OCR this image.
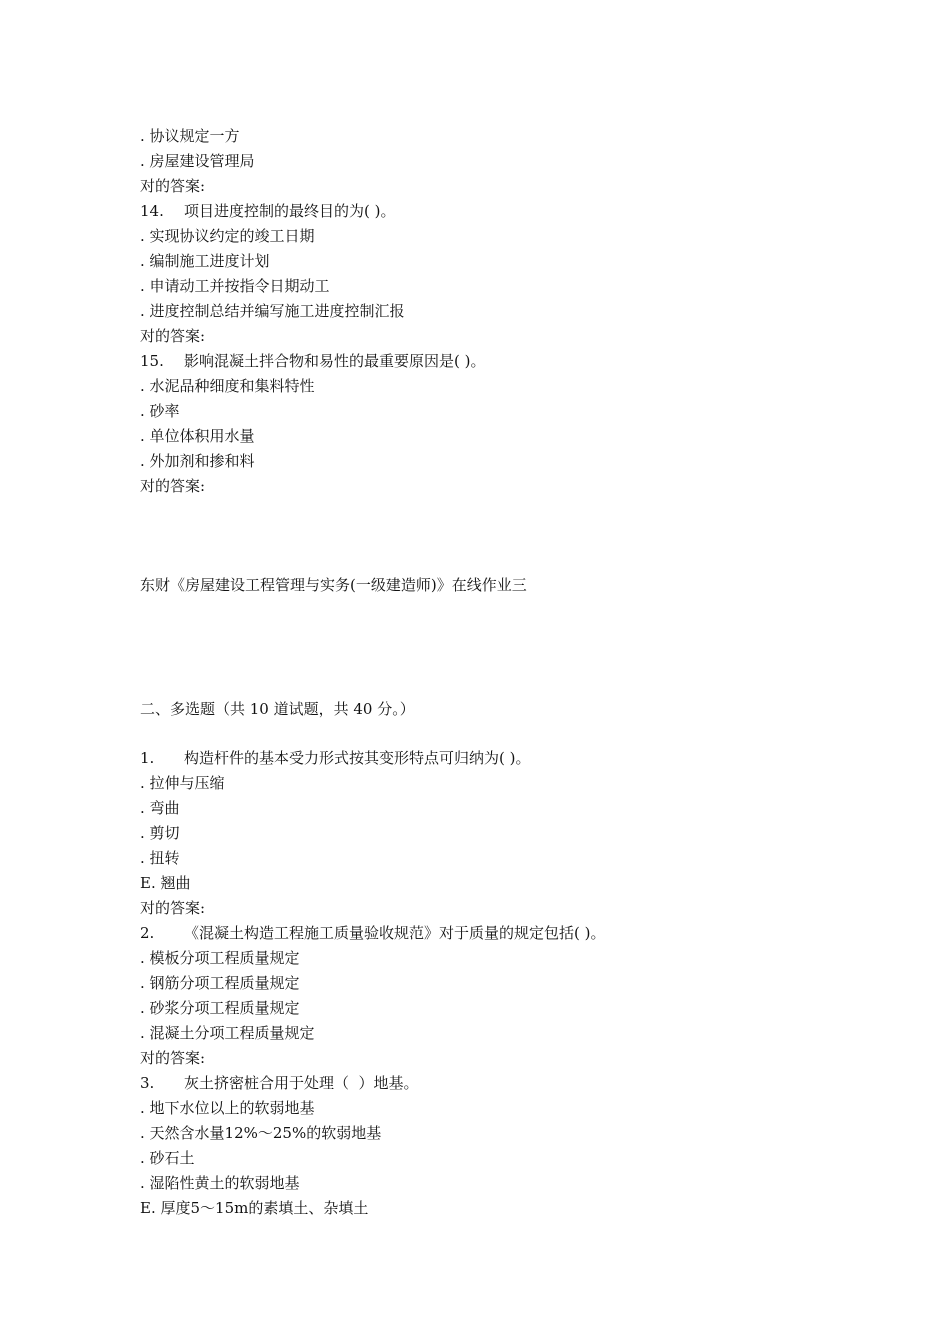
. 协议规定一方
. 房屋建设管理局
对的答案:
14. 项目进度控制的最终目的为( )。
. 实现协议约定的竣工日期
. 编制施工进度计划
. 申请动工并按指令日期动工
. 进度控制总结并编写施工进度控制汇报
对的答案:
15. 影响混凝土拌合物和易性的最重要原因是( )。
. 水泥品种细度和集料特性
. 砂率
. 单位体积用水量
. 外加剂和掺和料
对的答案:
东财《房屋建设工程管理与实务(一级建造师)》在线作业三
二、多选题（共 10 道试题，共 40 分。）
1. 构造杆件的基本受力形式按其变形特点可归纳为( )。
. 拉伸与压缩
. 弯曲
. 剪切
. 扭转
E. 翘曲
对的答案:
2. 《混凝土构造工程施工质量验收规范》对于质量的规定包括( )。
. 模板分项工程质量规定
. 钢筋分项工程质量规定
. 砂浆分项工程质量规定
. 混凝土分项工程质量规定
对的答案:
3. 灰土挤密桩合用于处理（  ）地基。
. 地下水位以上的软弱地基
. 天然含水量12%～25%的软弱地基
. 砂石土
. 湿陷性黄土的软弱地基
E. 厚度5～15m的素填土、杂填土
